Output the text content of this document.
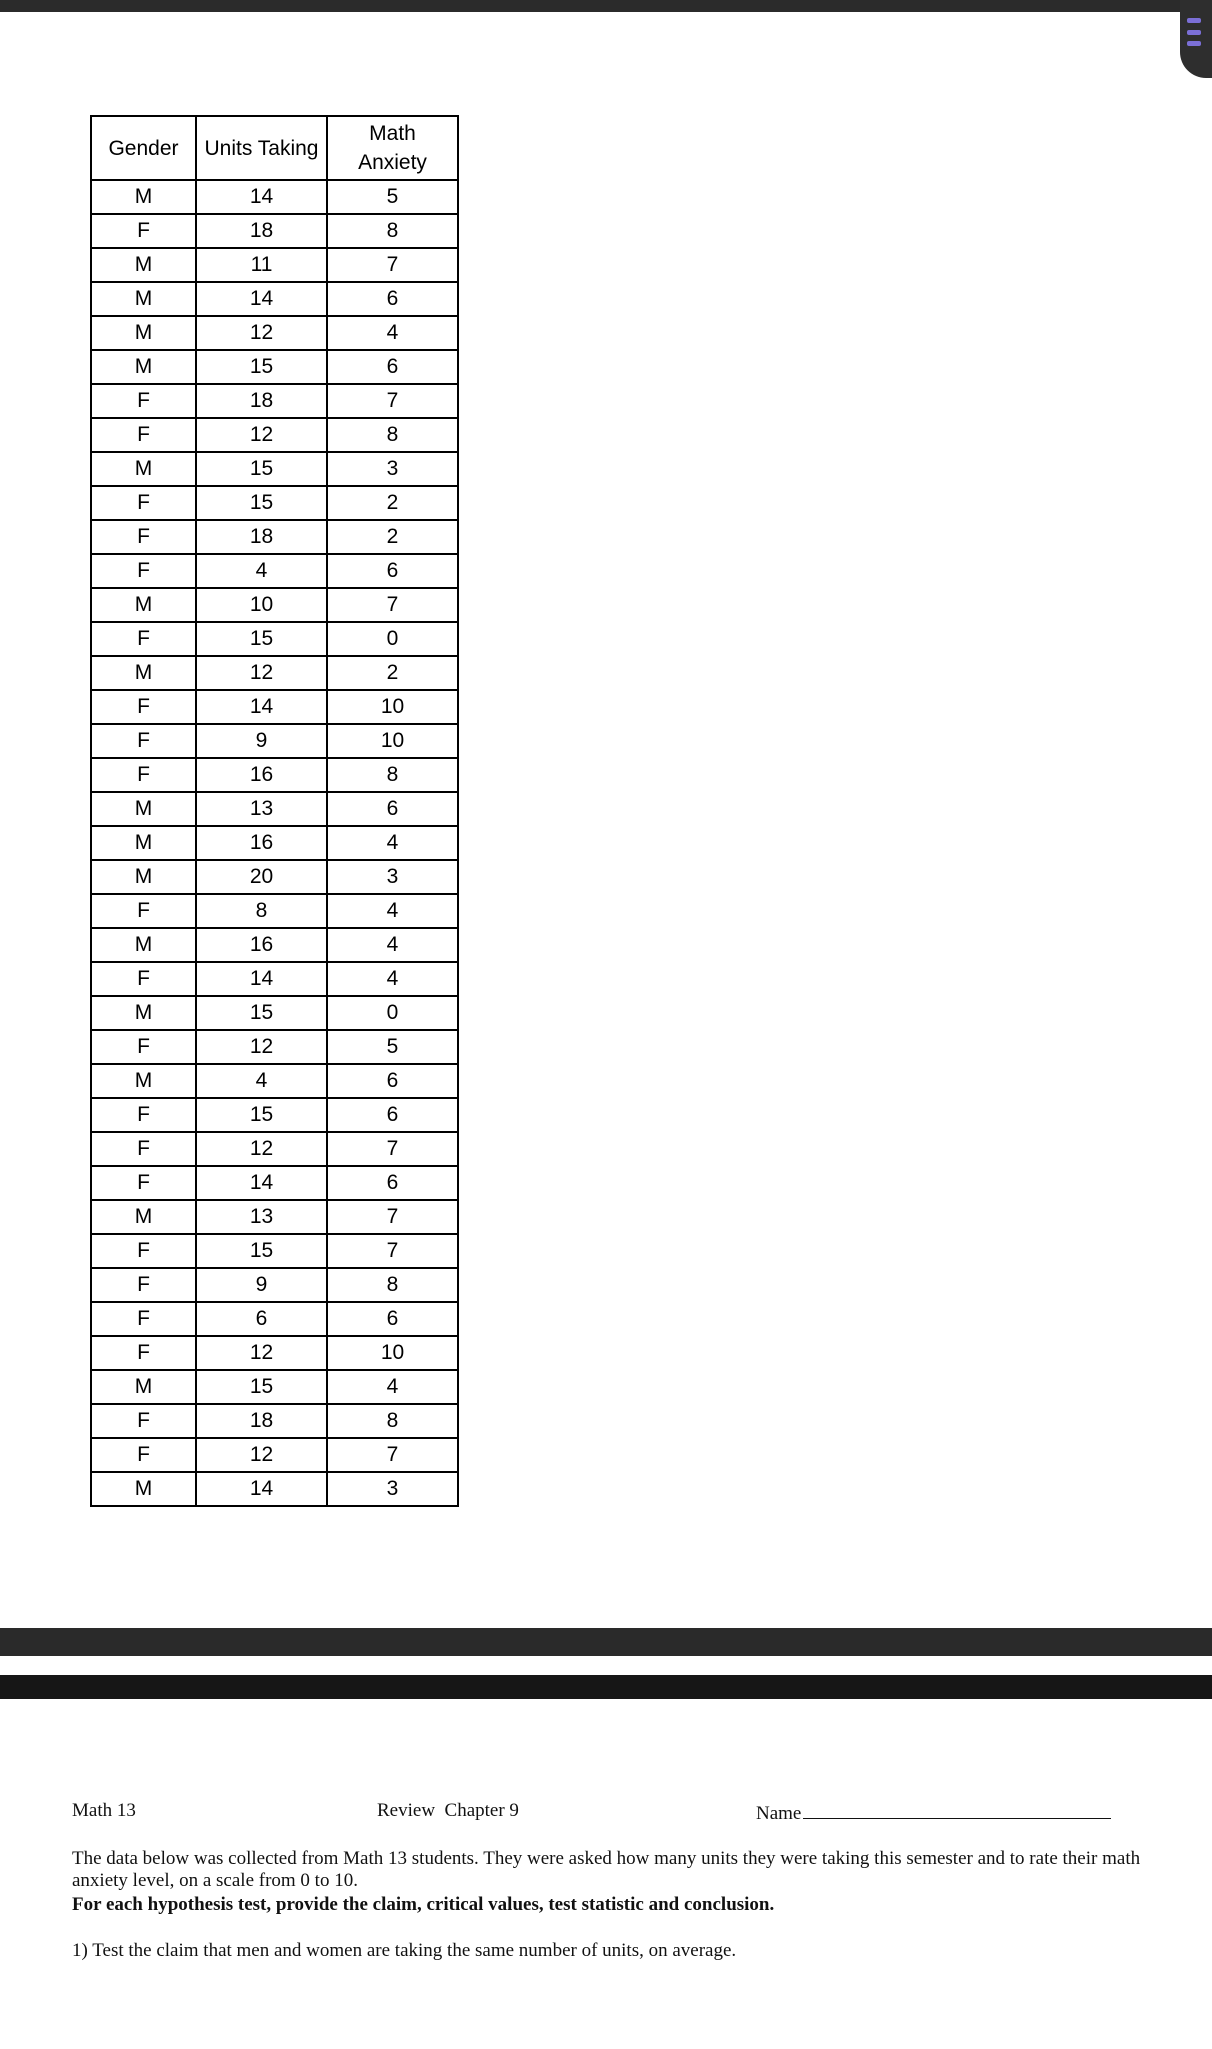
Gender	Units Taking	Math
Anxiety
M	14	5
F	18	8
M	11	7
M	14	6
M	12	4
M	15	6
F	18	7
F	12	8
M	15	3
F	15	2
F	18	2
F	4	6
M	10	7
F	15	0
M	12	2
F	14	10
F	9	10
F	16	8
M	13	6
M	16	4
M	20	3
F	8	4
M	16	4
F	14	4
M	15	0
F	12	5
M	4	6
F	15	6
F	12	7
F	14	6
M	13	7
F	15	7
F	9	8
F	6	6
F	12	10
M	15	4
F	18	8
F	12	7
M	14	3
Math 13	Review  Chapter 9	Name

The data below was collected from Math 13 students. They were asked how many units they were taking this semester and to rate their math anxiety level, on a scale from 0 to 10.

For each hypothesis test, provide the claim, critical values, test statistic and conclusion.

1) Test the claim that men and women are taking the same number of units, on average.
